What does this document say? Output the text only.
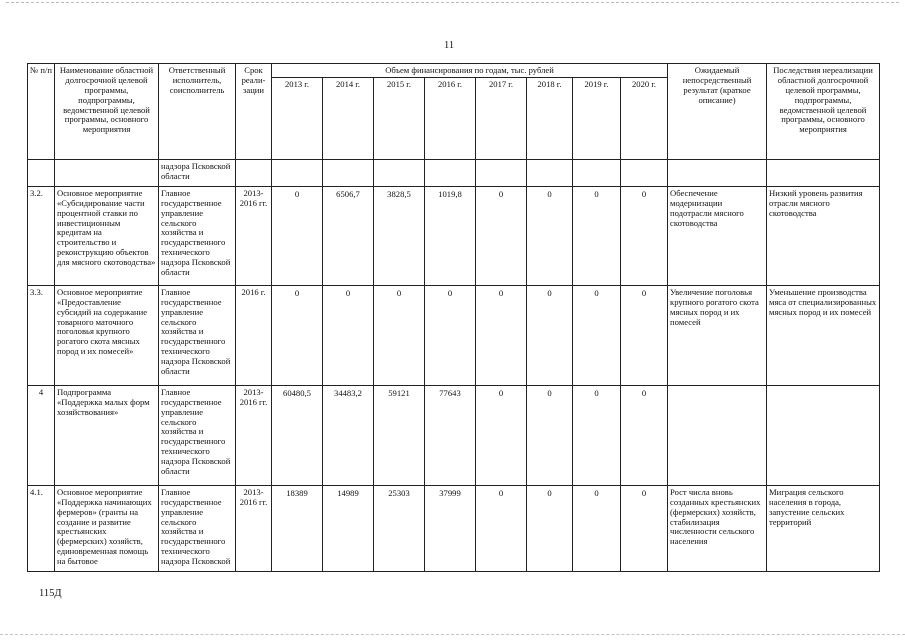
11
№ п/п	Наименование областной долгосрочной целевой программы, подпрограммы, ведомственной целевой программы, основного мероприятия	Ответственный исполнитель, соисполнитель	Срок реали-зации	Объем финансирования по годам, тыс. рублей								Ожидаемый непосредственный результат (краткое описание)	Последствия нереализации областной долгосрочной целевой программы, подпрограммы, ведомственной целевой программы, основного мероприятия
				2013 г.	2014 г.	2015 г.	2016 г.	2017 г.	2018 г.	2019 г.	2020 г.		
		надзора Псковской области											
3.2.	Основное мероприятие «Субсидирование части процентной ставки по инвестиционным кредитам на строительство и реконструкцию объектов для мясного скотоводства»	Главное государственное управление сельского хозяйства и государственного технического надзора Псковской области	2013-2016 гг.	0	6506,7	3828,5	1019,8	0	0	0	0	Обеспечение модернизации подотрасли мясного скотоводства	Низкий уровень развития отрасли мясного скотоводства
3.3.	Основное мероприятие «Предоставление субсидий на содержание товарного маточного поголовья крупного рогатого скота мясных пород и их помесей»	Главное государственное управление сельского хозяйства и государственного технического надзора Псковской области	2016 г.	0	0	0	0	0	0	0	0	Увеличение поголовья крупного рогатого скота мясных пород и их помесей	Уменьшение производства мяса от специализированных мясных пород и их помесей
4	Подпрограмма «Поддержка малых форм хозяйствования»	Главное государственное управление сельского хозяйства и государственного технического надзора Псковской области	2013-2016 гг.	60480,5	34483,2	59121	77643	0	0	0	0		
4.1.	Основное мероприятие «Поддержка начинающих фермеров» (гранты на создание и развитие крестьянских (фермерских) хозяйств, единовременная помощь на бытовое	Главное государственное управление сельского хозяйства и государственного технического надзора Псковской	2013-2016 гг.	18389	14989	25303	37999	0	0	0	0	Рост числа вновь созданных крестьянских (фермерских) хозяйств, стабилизация численности сельского населения	Миграция сельского населения в города, запустение сельских территорий
115Д
